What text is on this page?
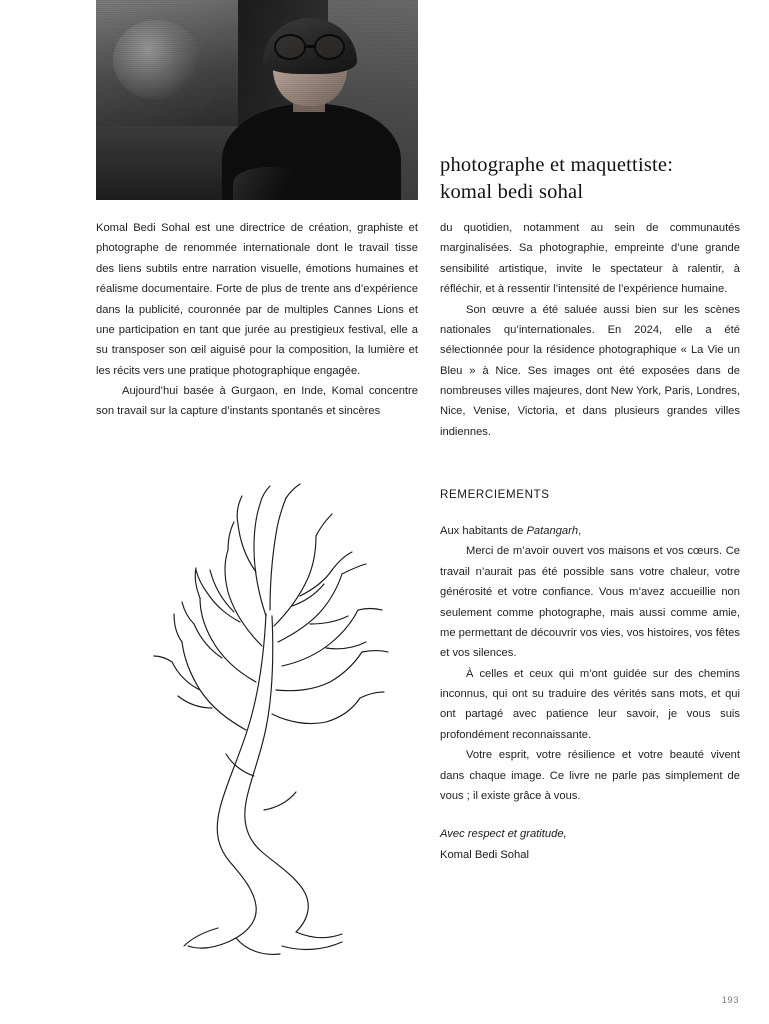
photographe et maquettiste:
komal bedi sohal

Komal Bedi Sohal est une directrice de création, graphiste et photographe de renommée internationale dont le travail tisse des liens subtils entre narration visuelle, émotions humaines et réalisme documentaire. Forte de plus de trente ans d’expérience dans la publicité, couronnée par de multiples Cannes Lions et une participation en tant que jurée au prestigieux festival, elle a su transposer son œil aiguisé pour la composition, la lumière et les récits vers une pratique photographique engagée.

Aujourd’hui basée à Gurgaon, en Inde, Komal concentre son travail sur la capture d’instants spontanés et sincères

du quotidien, notamment au sein de communautés marginalisées. Sa photographie, empreinte d’une grande sensibilité artistique, invite le spectateur à ralentir, à réfléchir, et à ressentir l’intensité de l’expérience humaine.

Son œuvre a été saluée aussi bien sur les scènes nationales qu’internationales. En 2024, elle a été sélectionnée pour la résidence photographique « La Vie un Bleu » à Nice. Ses images ont été exposées dans de nombreuses villes majeures, dont New York, Paris, Londres, Nice, Venise, Victoria, et dans plusieurs grandes villes indiennes.

REMERCIEMENTS

Aux habitants de Patangarh,

Merci de m’avoir ouvert vos maisons et vos cœurs. Ce travail n’aurait pas été possible sans votre chaleur, votre générosité et votre confiance. Vous m’avez accueillie non seulement comme photographe, mais aussi comme amie, me permettant de découvrir vos vies, vos histoires, vos fêtes et vos silences.

À celles et ceux qui m’ont guidée sur des chemins inconnus, qui ont su traduire des vérités sans mots, et qui ont partagé avec patience leur savoir, je vous suis profondément reconnaissante.

Votre esprit, votre résilience et votre beauté vivent dans chaque image. Ce livre ne parle pas simplement de vous ; il existe grâce à vous.

Avec respect et gratitude,
Komal Bedi Sohal
193
